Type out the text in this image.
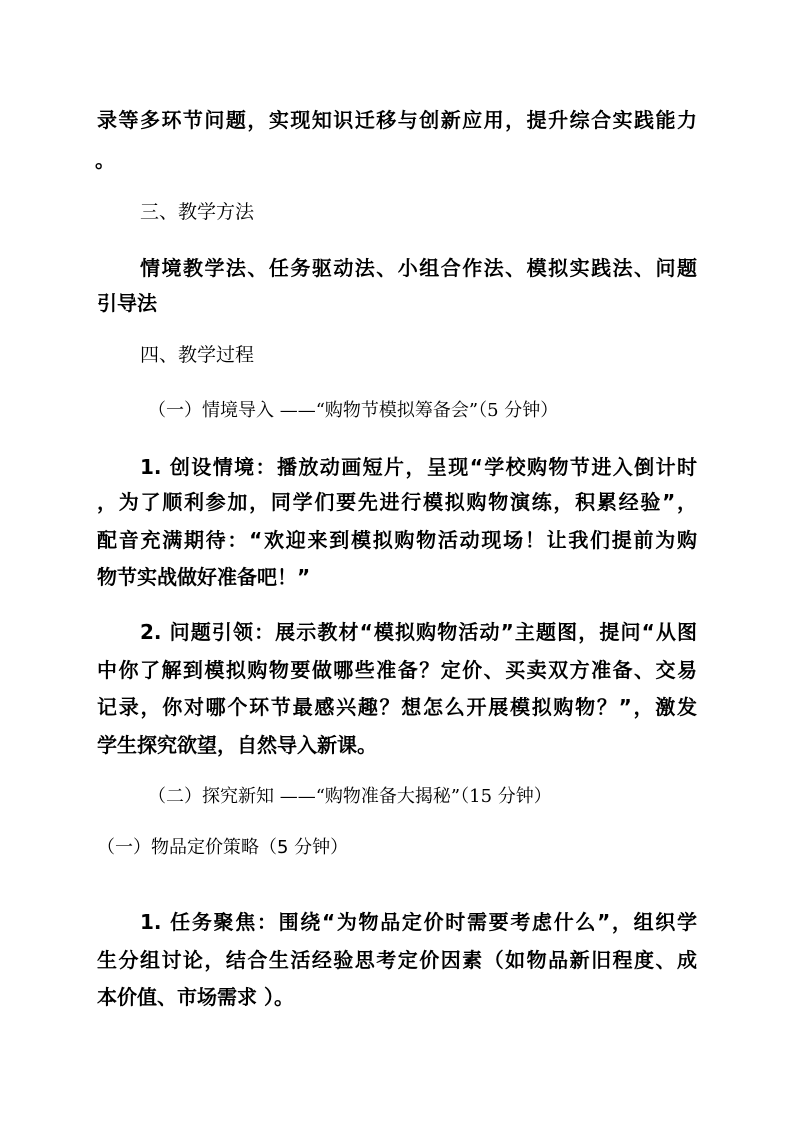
录等多环节问题，实现知识迁移与创新应用，提升综合实践能力
。
三、教学方法
情境教学法、任务驱动法、小组合作法、模拟实践法、问题
引导法
四、教学过程
（一）情境导入 ——“购物节模拟筹备会”（5 分钟）
1. 创设情境：播放动画短片，呈现“学校购物节进入倒计时
，为了顺利参加，同学们要先进行模拟购物演练，积累经验”，
配音充满期待：“欢迎来到模拟购物活动现场！让我们提前为购
物节实战做好准备吧！”
2. 问题引领：展示教材“模拟购物活动”主题图，提问“从图
中你了解到模拟购物要做哪些准备？定价、买卖双方准备、交易
记录，你对哪个环节最感兴趣？想怎么开展模拟购物？”，激发
学生探究欲望，自然导入新课。
（二）探究新知 ——“购物准备大揭秘”（15 分钟）
（一）物品定价策略（5 分钟）
1. 任务聚焦：围绕“为物品定价时需要考虑什么”，组织学
生分组讨论，结合生活经验思考定价因素（如物品新旧程度、成
本价值、市场需求 ）。
